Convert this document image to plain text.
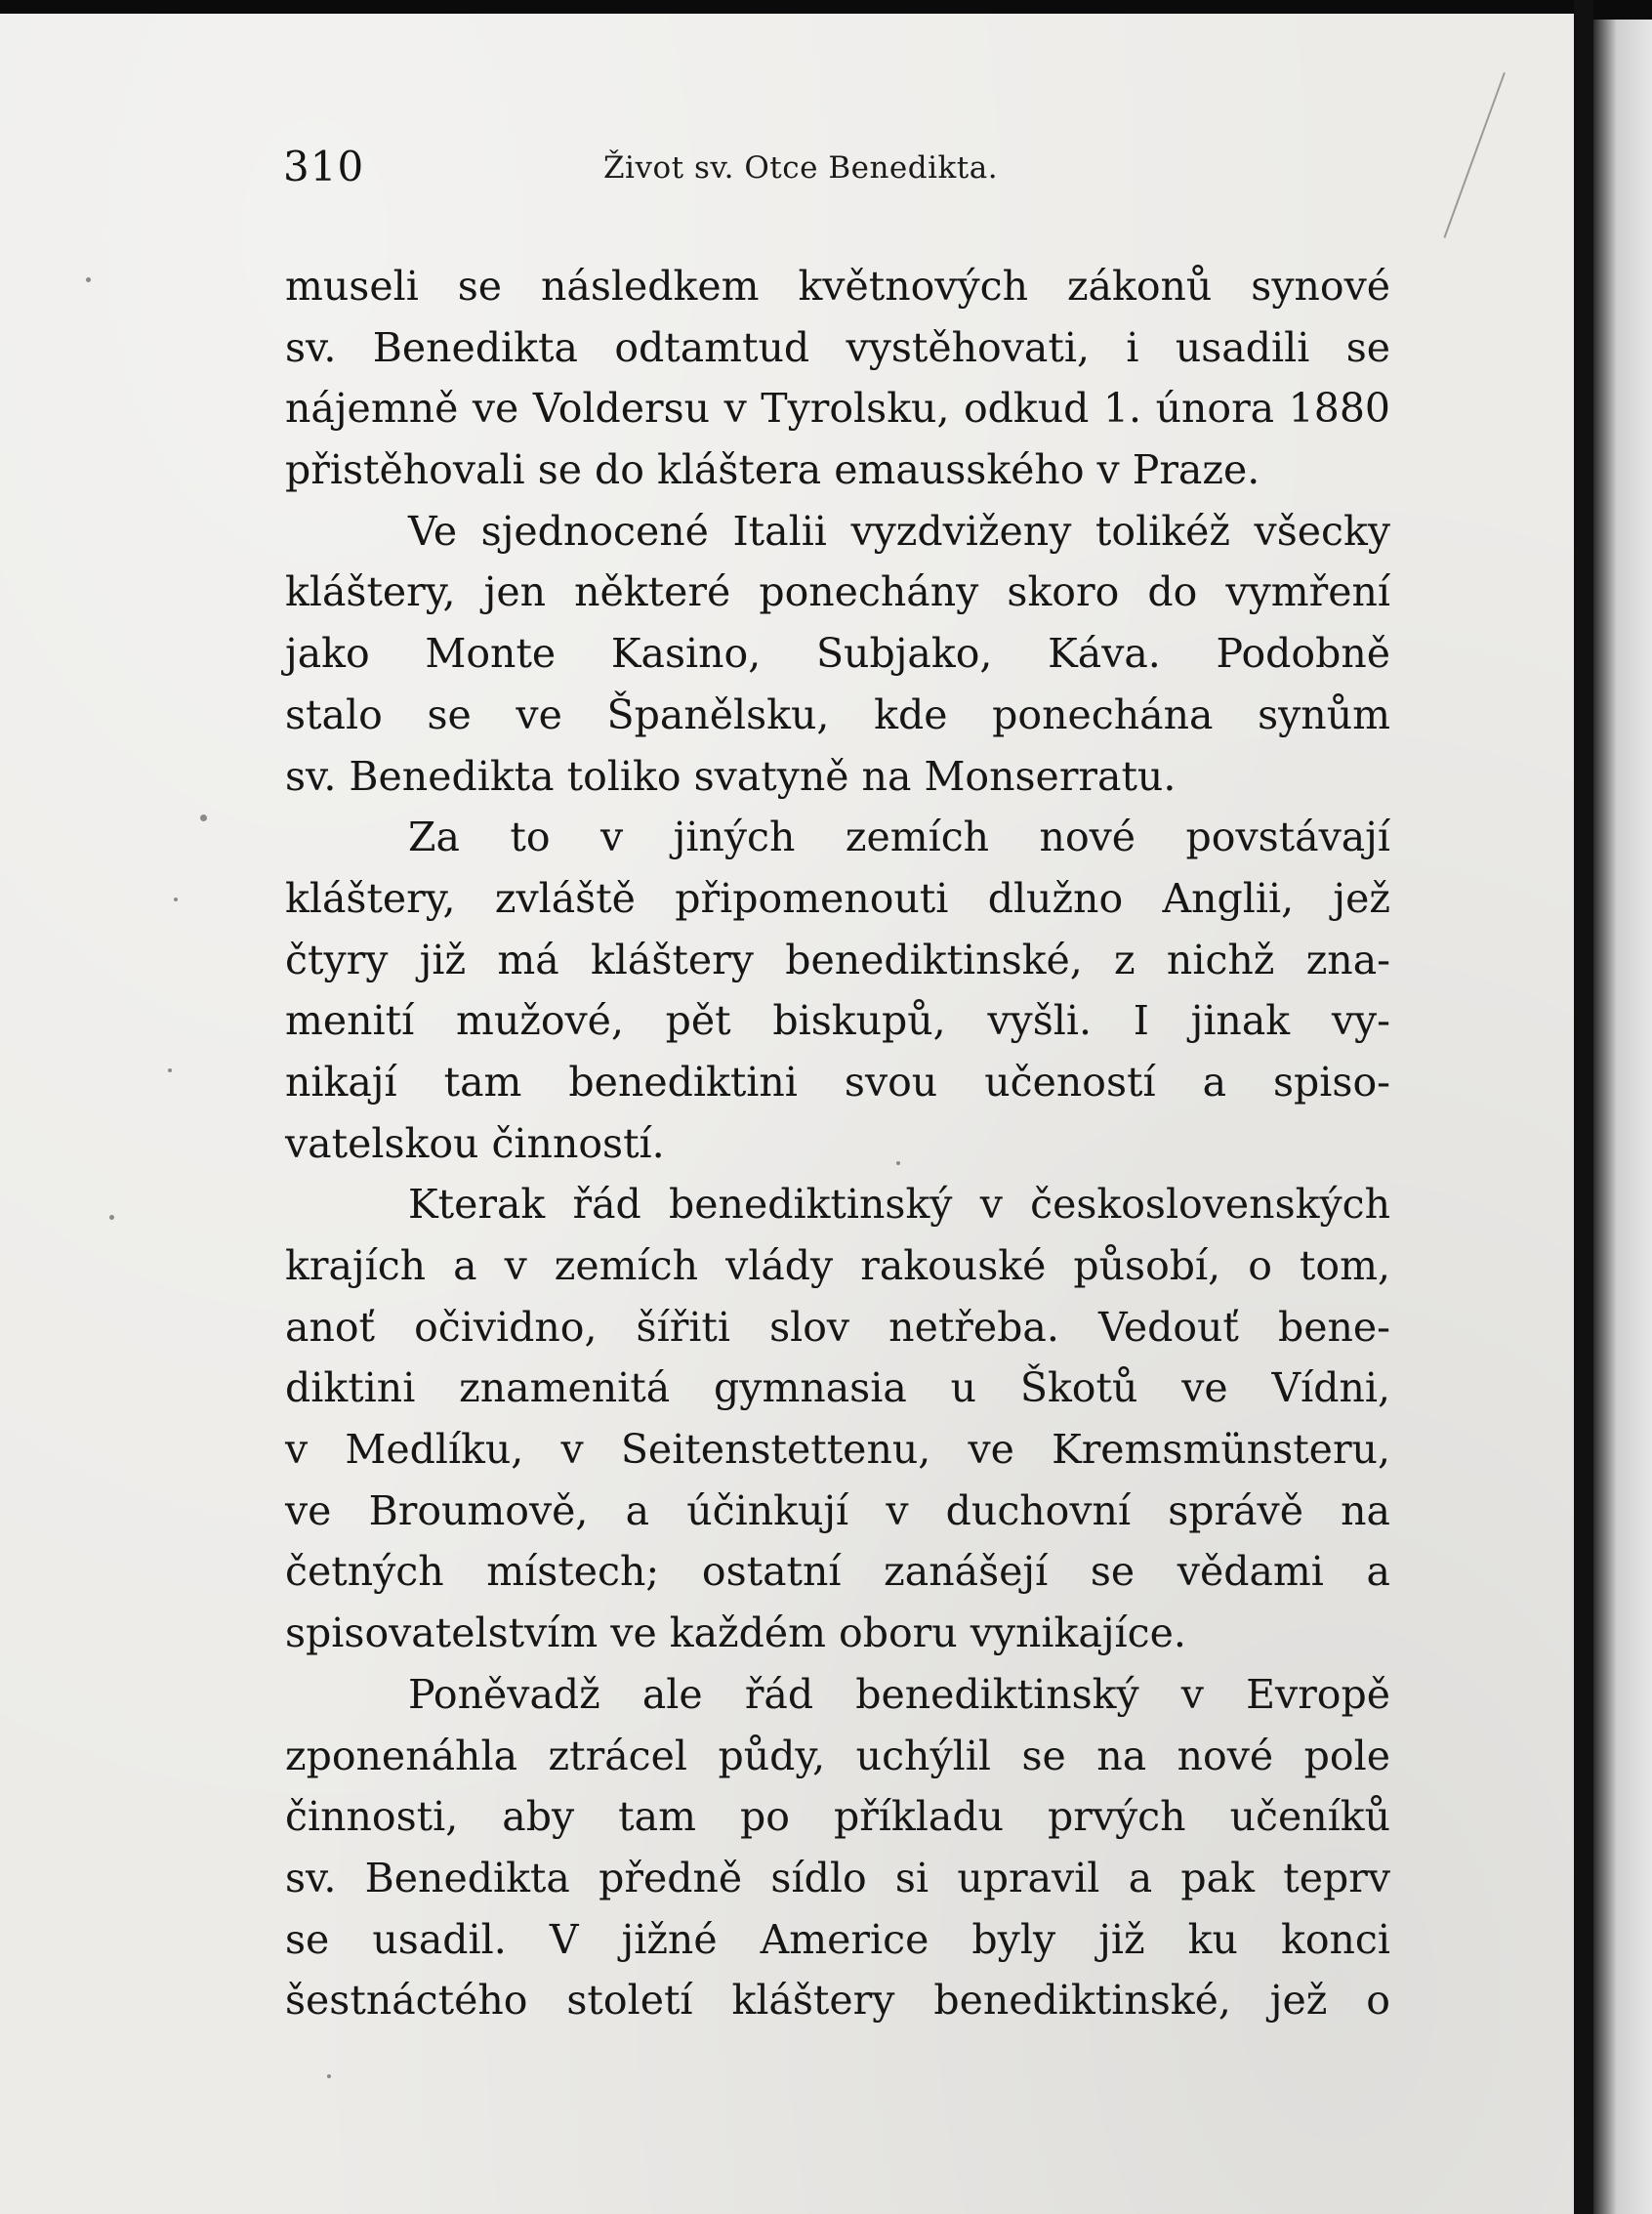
310	Život sv. Otce Benedikta.
museli se následkem květnových zákonů synové
sv. Benedikta odtamtud vystěhovati, i usadili se
nájemně ve Voldersu v Tyrolsku, odkud 1. února 1880
přistěhovali se do kláštera emausského v Praze.
Ve sjednocené Italii vyzdviženy tolikéž všecky
kláštery, jen některé ponechány skoro do vymření
jako Monte Kasino, Subjako, Káva. Podobně
stalo se ve Španělsku, kde ponechána synům
sv. Benedikta toliko svatyně na Monserratu.
Za to v jiných zemích nové povstávají
kláštery, zvláště připomenouti dlužno Anglii, jež
čtyry již má kláštery benediktinské, z nichž zna-
menití mužové, pět biskupů, vyšli. I jinak vy-
nikají tam benediktini svou učeností a spiso-
vatelskou činností.
Kterak řád benediktinský v československých
krajích a v zemích vlády rakouské působí, o tom,
anoť očividno, šířiti slov netřeba. Vedouť bene-
diktini znamenitá gymnasia u Škotů ve Vídni,
v Medlíku, v Seitenstettenu, ve Kremsmünsteru,
ve Broumově, a účinkují v duchovní správě na
četných místech; ostatní zanášejí se vědami a
spisovatelstvím ve každém oboru vynikajíce.
Poněvadž ale řád benediktinský v Evropě
zponenáhla ztrácel půdy, uchýlil se na nové pole
činnosti, aby tam po příkladu prvých učeníků
sv. Benedikta předně sídlo si upravil a pak teprv
se usadil. V jižné Americe byly již ku konci
šestnáctého století kláštery benediktinské, jež o
